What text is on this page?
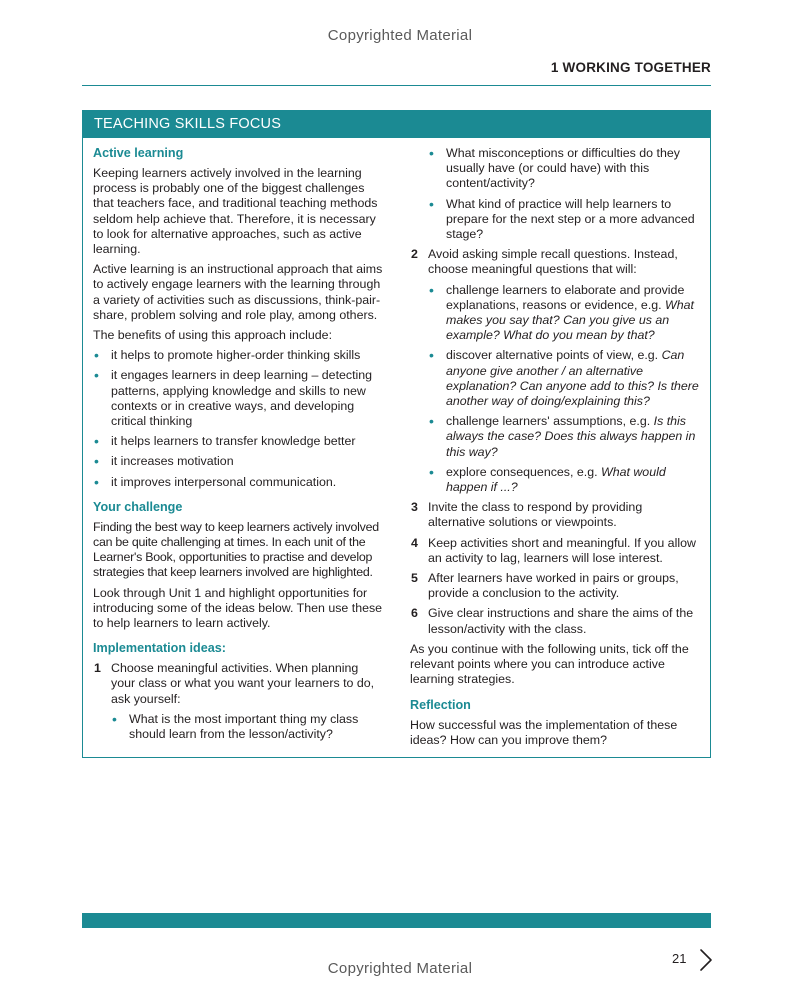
Copyrighted Material
1 WORKING TOGETHER
TEACHING SKILLS FOCUS
Active learning

Keeping learners actively involved in the learning process is probably one of the biggest challenges that teachers face, and traditional teaching methods seldom help achieve that. Therefore, it is necessary to look for alternative approaches, such as active learning.

Active learning is an instructional approach that aims to actively engage learners with the learning through a variety of activities such as discussions, think-pair-share, problem solving and role play, among others.

The benefits of using this approach include:

• it helps to promote higher-order thinking skills
• it engages learners in deep learning – detecting patterns, applying knowledge and skills to new contexts or in creative ways, and developing critical thinking
• it helps learners to transfer knowledge better
• it increases motivation
• it improves interpersonal communication.
Your challenge

Finding the best way to keep learners actively involved can be quite challenging at times. In each unit of the Learner's Book, opportunities to practise and develop strategies that keep learners involved are highlighted.

Look through Unit 1 and highlight opportunities for introducing some of the ideas below. Then use these to help learners to learn actively.

Implementation ideas:
1 Choose meaningful activities. When planning your class or what you want your learners to do, ask yourself:
• What is the most important thing my class should learn from the lesson/activity?
• What misconceptions or difficulties do they usually have (or could have) with this content/activity?
• What kind of practice will help learners to prepare for the next step or a more advanced stage?
2 Avoid asking simple recall questions. Instead, choose meaningful questions that will:
• challenge learners to elaborate and provide explanations, reasons or evidence, e.g. What makes you say that? Can you give us an example? What do you mean by that?
• discover alternative points of view, e.g. Can anyone give another / an alternative explanation? Can anyone add to this? Is there another way of doing/explaining this?
• challenge learners' assumptions, e.g. Is this always the case? Does this always happen in this way?
• explore consequences, e.g. What would happen if ...?
3 Invite the class to respond by providing alternative solutions or viewpoints.
4 Keep activities short and meaningful. If you allow an activity to lag, learners will lose interest.
5 After learners have worked in pairs or groups, provide a conclusion to the activity.
6 Give clear instructions and share the aims of the lesson/activity with the class.

As you continue with the following units, tick off the relevant points where you can introduce active learning strategies.

Reflection

How successful was the implementation of these ideas? How can you improve them?

21
Copyrighted Material
